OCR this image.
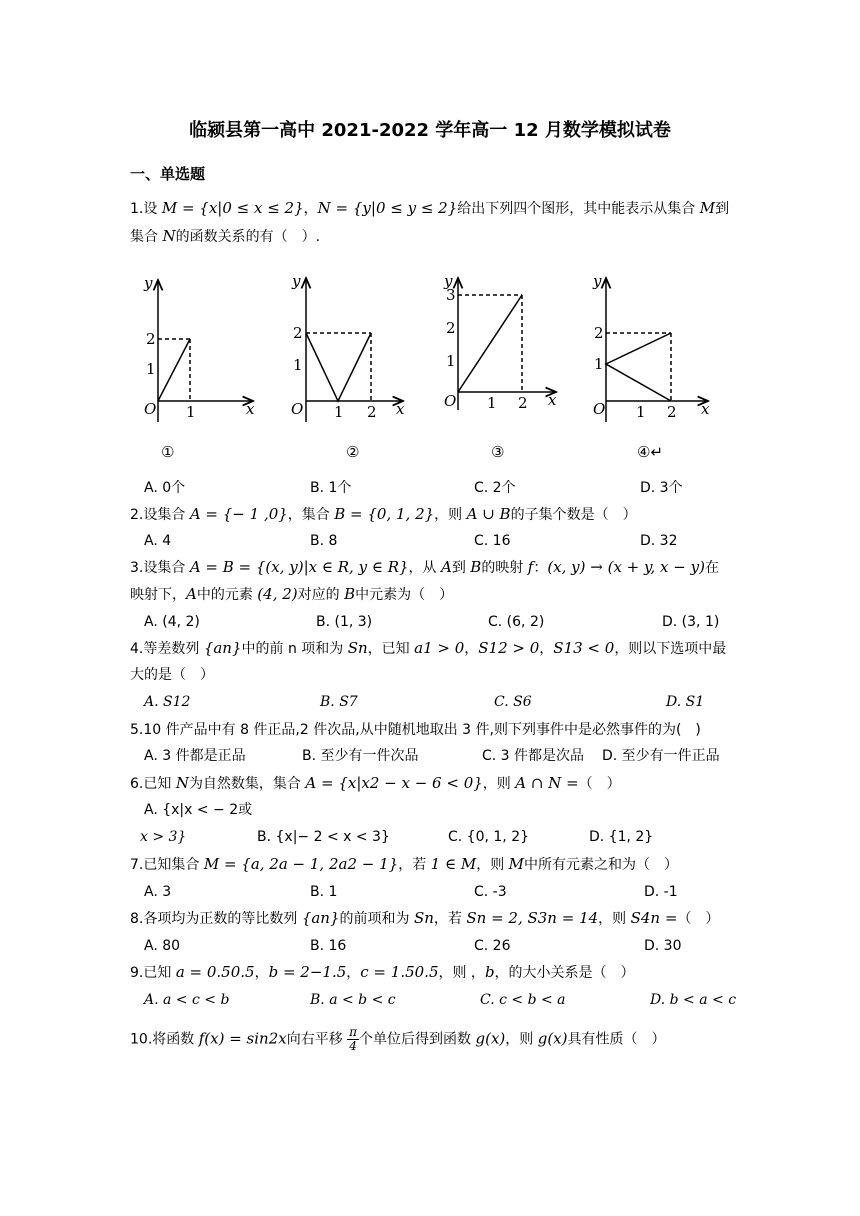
临颍县第一高中 2021-2022 学年高一 12 月数学模拟试卷
一、单选题
1.设 M = {x|0 ≤ x ≤ 2}，N = {y|0 ≤ y ≤ 2}给出下列四个图形，其中能表示从集合 M到
集合 N的函数关系的有（　）.
y
2
1
O 1	x
y
2
1
O 1 2 x
y
3
2
1
O 1 2 x
y
2
1
O 1 2 x
①	②	③	④↵
A. 0个	B. 1个	C. 2个	D. 3个
2.设集合 A = {− 1 ,0}，集合 B = {0, 1, 2}，则 A ∪ B的子集个数是（　）
A. 4	B. 8	C. 16	D. 32
3.设集合 A = B = {(x, y)|x ∈ R, y ∈ R}，从 A到 B的映射 f：(x, y) → (x + y, x − y)在
映射下，A中的元素 (4, 2)对应的 B中元素为（　）
A. (4, 2)	B. (1, 3)	C. (6, 2)	D. (3, 1)
4.等差数列 {an}中的前 n 项和为 Sn，已知 a1 > 0，S12 > 0，S13 < 0，则以下选项中最
大的是（　）
A. S12	B. S7	C. S6	D. S1
5.10 件产品中有 8 件正品,2 件次品,从中随机地取出 3 件,则下列事件中是必然事件的为(　)
A. 3 件都是正品	B. 至少有一件次品	C. 3 件都是次品 D. 至少有一件正品
6.已知 N为自然数集，集合 A = {x|x2 − x − 6 < 0}，则 A ∩ N =（　）
A. {x|x < − 2或
x > 3}	B. {x|− 2 < x < 3}	C. {0, 1, 2}	D. {1, 2}
7.已知集合 M = {a, 2a − 1, 2a2 − 1}，若 1 ∈ M，则 M中所有元素之和为（　）
A. 3	B. 1	C. -3	D. -1
8.各项均为正数的等比数列 {an}的前项和为 Sn，若 Sn = 2, S3n = 14，则 S4n =（　）
A. 80	B. 16	C. 26	D. 30
9.已知 a = 0.50.5，b = 2−1.5，c = 1.50.5，则 ，b，的大小关系是（　）
A. a < c < b	B. a < b < c	C. c < b < a	D. b < a < c
10.将函数 f(x) = sin2x向右平移 $\frac{\pi}{4}$ 个单位后得到函数 g(x)，则 g(x)具有性质（　）
